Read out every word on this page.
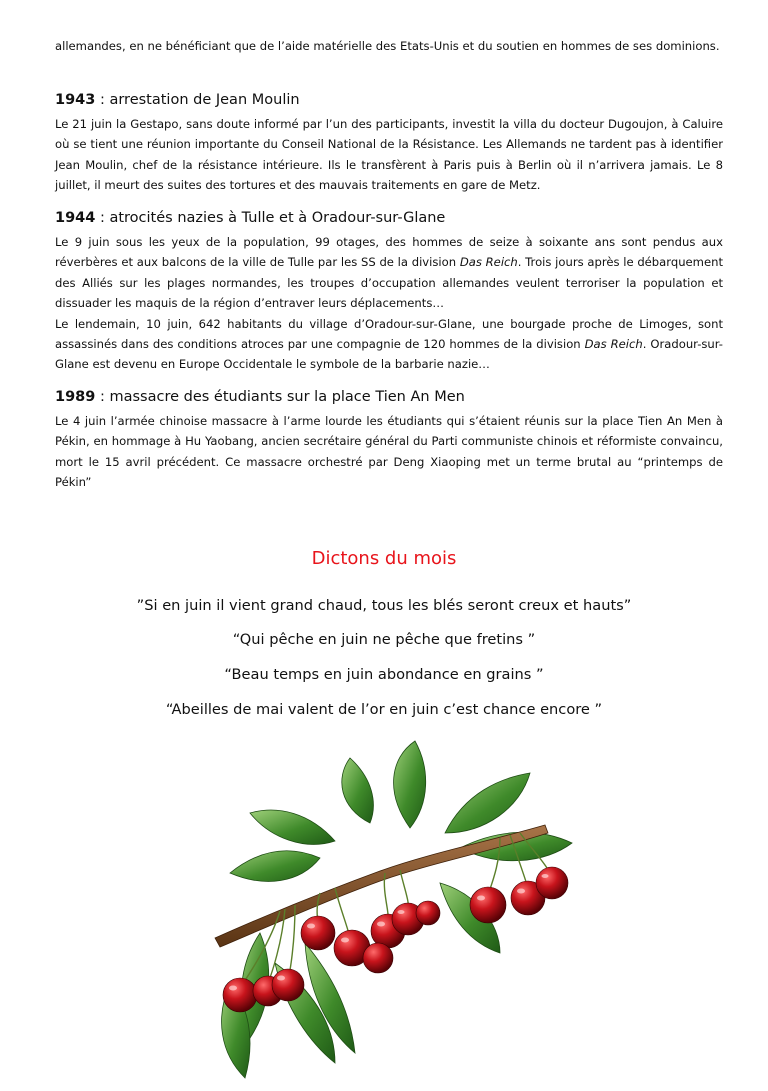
allemandes, en ne bénéficiant que de l’aide matérielle des Etats-Unis et du soutien en hommes de ses dominions.

1943 : arrestation de Jean Moulin

Le 21 juin la Gestapo, sans doute informé par l’un des participants, investit la villa du docteur Dugoujon, à Caluire où se tient une réunion importante du Conseil National de la Résistance. Les Allemands ne tardent pas à identifier Jean Moulin, chef de la résistance intérieure. Ils le transfèrent à Paris puis à Berlin où il n’arrivera jamais. Le 8 juillet, il meurt des suites des tortures et des mauvais traitements en gare de Metz.

1944 : atrocités nazies à Tulle et à Oradour-sur-Glane

Le 9 juin sous les yeux de la population, 99 otages, des hommes de seize à soixante ans sont pendus aux réverbères et aux balcons de la ville de Tulle par les SS de la division Das Reich. Trois jours après le débarquement des Alliés sur les plages normandes, les troupes d’occupation allemandes veulent terroriser la population et dissuader les maquis de la région d’entraver leurs déplacements…

Le lendemain, 10 juin, 642 habitants du village d’Oradour-sur-Glane, une bourgade proche de Limoges, sont assassinés dans des conditions atroces par une compagnie de 120 hommes de la division Das Reich. Oradour-sur-Glane est devenu en Europe Occidentale le symbole de la barbarie nazie…

1989 : massacre des étudiants sur la place Tien An Men

Le 4 juin l’armée chinoise massacre à l’arme lourde les étudiants qui s’étaient réunis sur la place Tien An Men à Pékin, en hommage à Hu Yaobang, ancien secrétaire général du Parti communiste chinois et réformiste convaincu, mort le 15 avril précédent. Ce massacre orchestré par Deng Xiaoping met un terme brutal au “printemps de Pékin”

Dictons du mois
”Si en juin il vient grand chaud, tous les blés seront creux et hauts”
“Qui pêche en juin ne pêche que fretins ”
“Beau temps en juin abondance en grains ”
“Abeilles de mai valent de l’or en juin c’est chance encore ”
